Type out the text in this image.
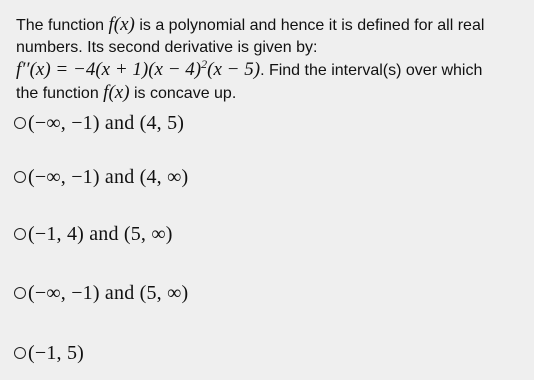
The function f(x) is a polynomial and hence it is defined for all real
numbers. Its second derivative is given by:
$f''(x) = -4(x + 1)(x - 4)^2(x - 5)$. Find the interval(s) over which
the function f(x) is concave up.
(−∞, −1) and (4, 5)
(−∞, −1) and (4, ∞)
(−1, 4) and (5, ∞)
(−∞, −1) and (5, ∞)
(−1, 5)
